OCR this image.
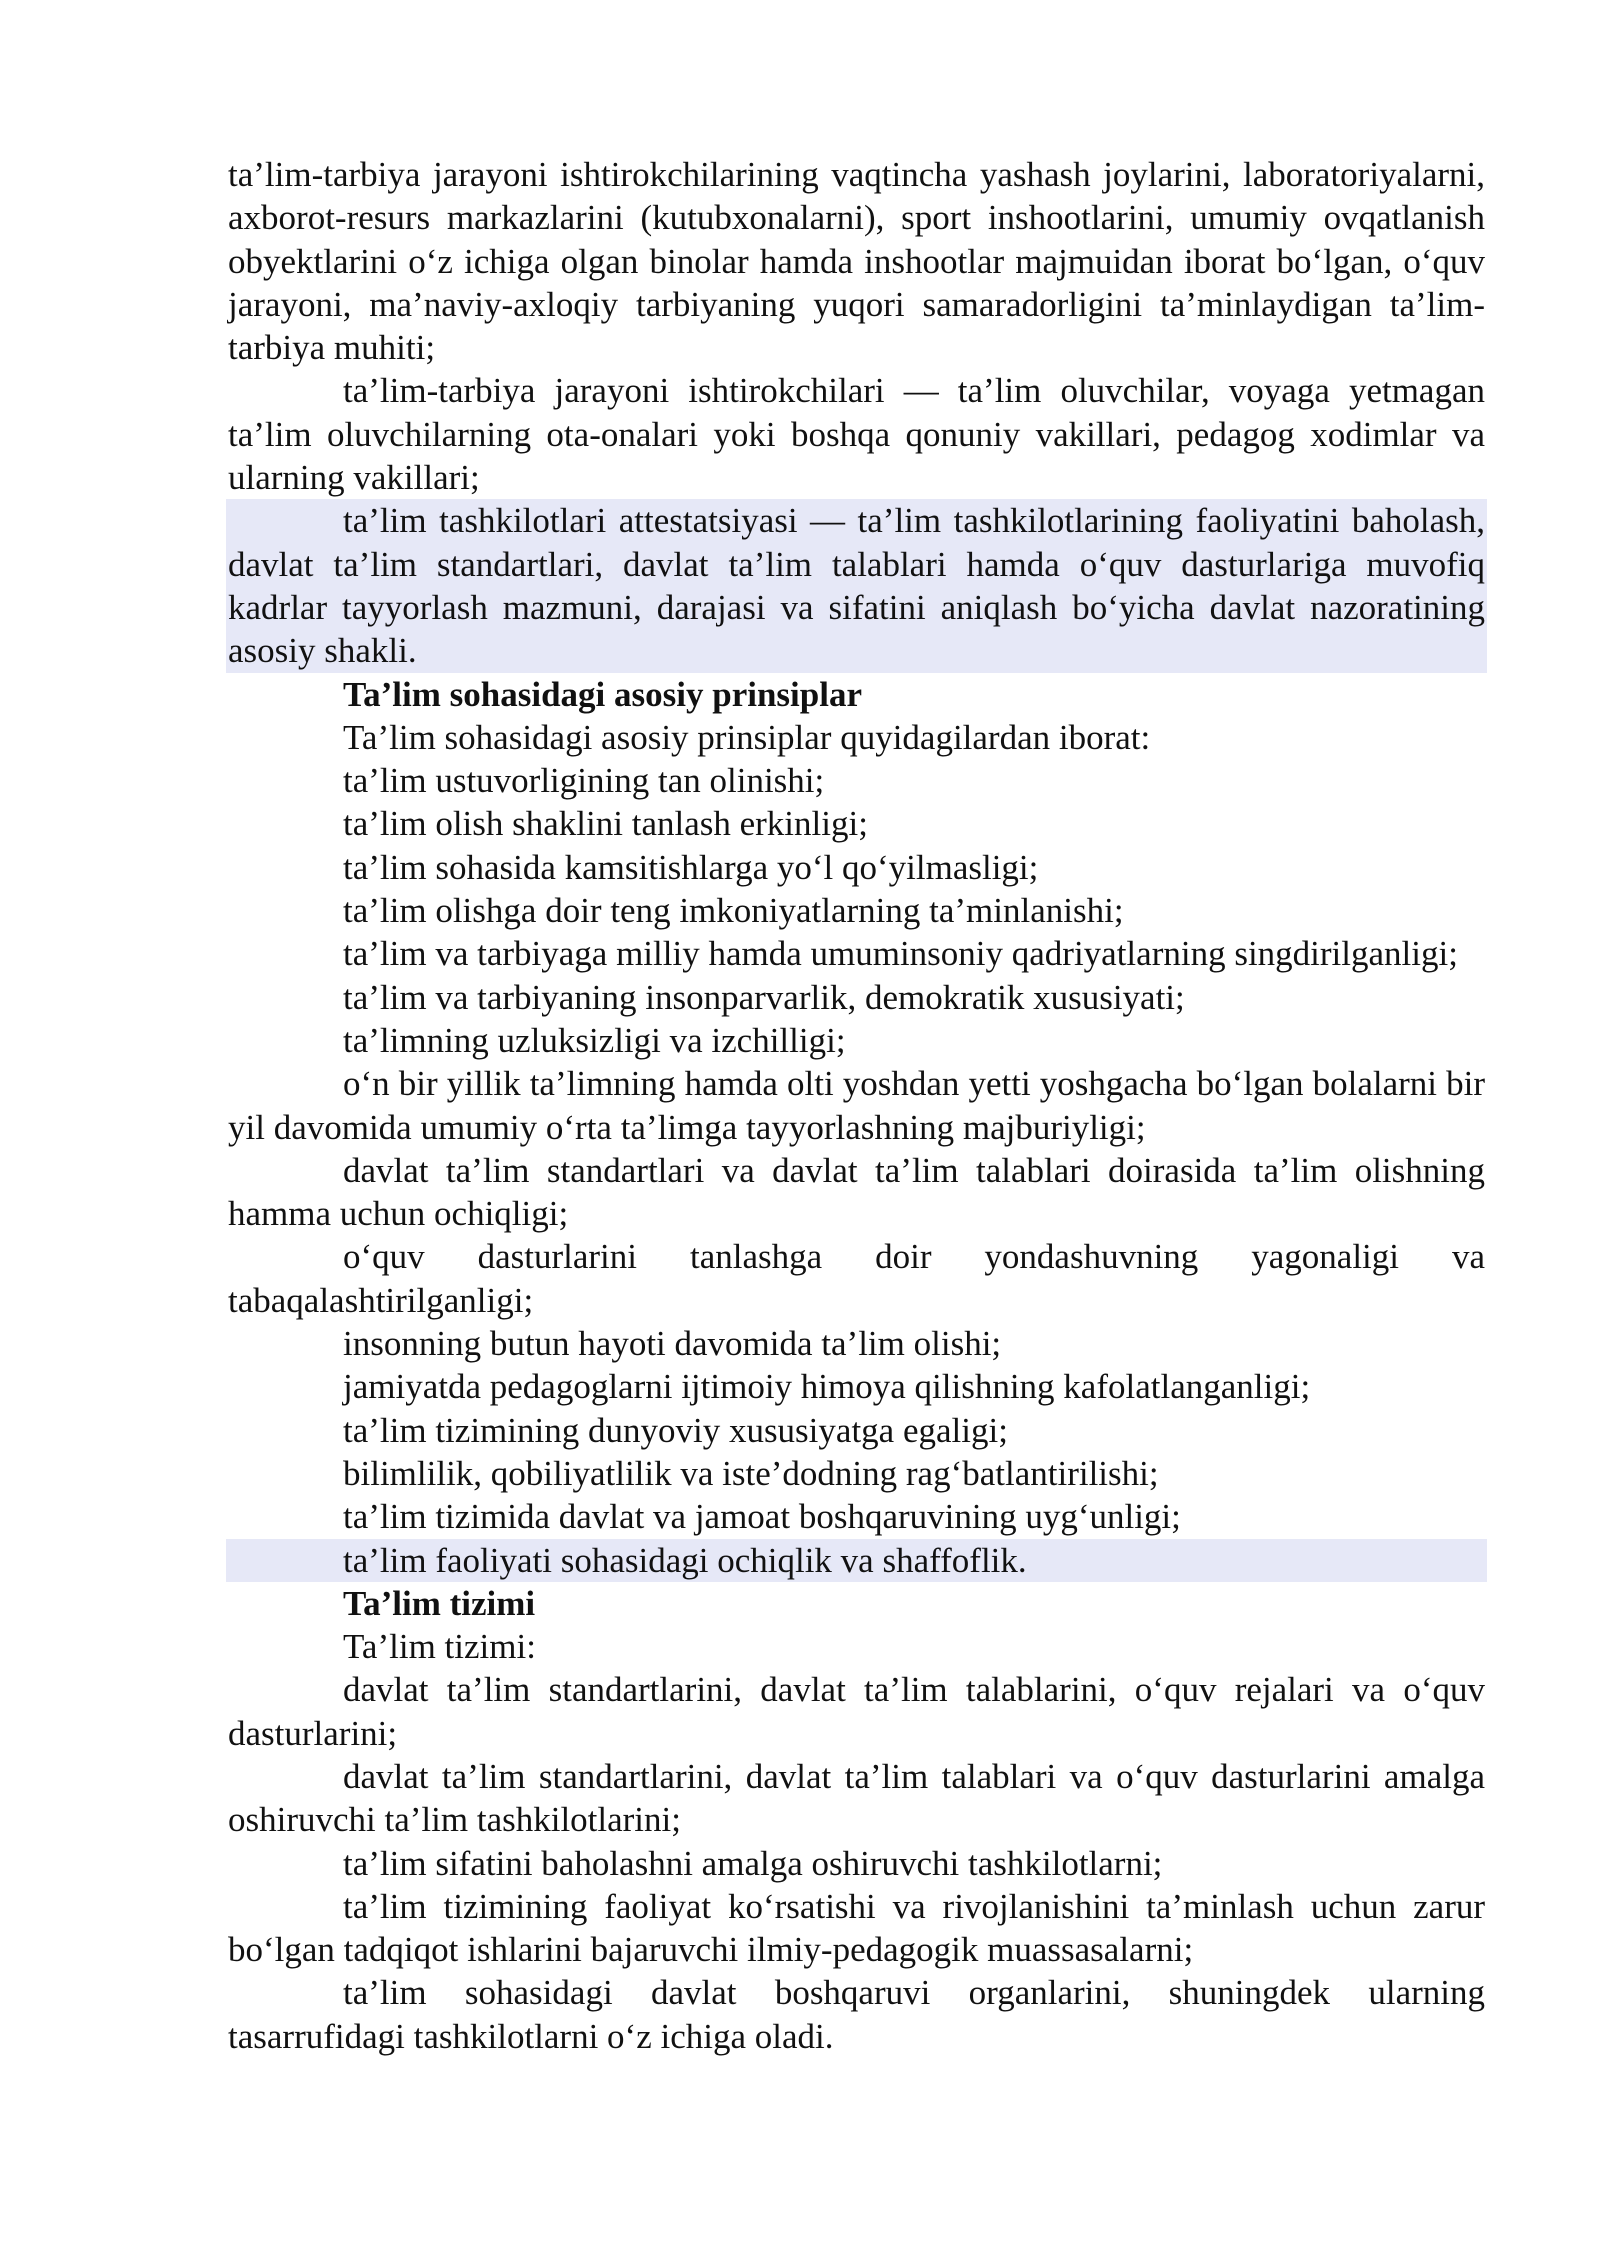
ta’lim-tarbiya jarayoni ishtirokchilarining vaqtincha yashash joylarini, laboratoriyalarni, axborot-resurs markazlarini (kutubxonalarni), sport inshootlarini, umumiy ovqatlanish obyektlarini o‘z ichiga olgan binolar hamda inshootlar majmuidan iborat bo‘lgan, o‘quv jarayoni, ma’naviy-axloqiy tarbiyaning yuqori samaradorligini ta’minlaydigan ta’lim-tarbiya muhiti;

ta’lim-tarbiya jarayoni ishtirokchilari — ta’lim oluvchilar, voyaga yetmagan ta’lim oluvchilarning ota-onalari yoki boshqa qonuniy vakillari, pedagog xodimlar va ularning vakillari;

ta’lim tashkilotlari attestatsiyasi — ta’lim tashkilotlarining faoliyatini baholash, davlat ta’lim standartlari, davlat ta’lim talablari hamda o‘quv dasturlariga muvofiq kadrlar tayyorlash mazmuni, darajasi va sifatini aniqlash bo‘yicha davlat nazoratining asosiy shakli.

Ta’lim sohasidagi asosiy prinsiplar

Ta’lim sohasidagi asosiy prinsiplar quyidagilardan iborat:

ta’lim ustuvorligining tan olinishi;

ta’lim olish shaklini tanlash erkinligi;

ta’lim sohasida kamsitishlarga yo‘l qo‘yilmasligi;

ta’lim olishga doir teng imkoniyatlarning ta’minlanishi;

ta’lim va tarbiyaga milliy hamda umuminsoniy qadriyatlarning singdirilganligi;

ta’lim va tarbiyaning insonparvarlik, demokratik xususiyati;

ta’limning uzluksizligi va izchilligi;

o‘n bir yillik ta’limning hamda olti yoshdan yetti yoshgacha bo‘lgan bolalarni bir yil davomida umumiy o‘rta ta’limga tayyorlashning majburiyligi;

davlat ta’lim standartlari va davlat ta’lim talablari doirasida ta’lim olishning hamma uchun ochiqligi;

o‘quv dasturlarini tanlashga doir yondashuvning yagonaligi va tabaqalashtirilganligi;

insonning butun hayoti davomida ta’lim olishi;

jamiyatda pedagoglarni ijtimoiy himoya qilishning kafolatlanganligi;

ta’lim tizimining dunyoviy xususiyatga egaligi;

bilimlilik, qobiliyatlilik va iste’dodning rag‘batlantirilishi;

ta’lim tizimida davlat va jamoat boshqaruvining uyg‘unligi;

ta’lim faoliyati sohasidagi ochiqlik va shaffoflik.

Ta’lim tizimi

Ta’lim tizimi:

davlat ta’lim standartlarini, davlat ta’lim talablarini, o‘quv rejalari va o‘quv dasturlarini;

davlat ta’lim standartlarini, davlat ta’lim talablari va o‘quv dasturlarini amalga oshiruvchi ta’lim tashkilotlarini;

ta’lim sifatini baholashni amalga oshiruvchi tashkilotlarni;

ta’lim tizimining faoliyat ko‘rsatishi va rivojlanishini ta’minlash uchun zarur bo‘lgan tadqiqot ishlarini bajaruvchi ilmiy-pedagogik muassasalarni;

ta’lim sohasidagi davlat boshqaruvi organlarini, shuningdek ularning tasarrufidagi tashkilotlarni o‘z ichiga oladi.
